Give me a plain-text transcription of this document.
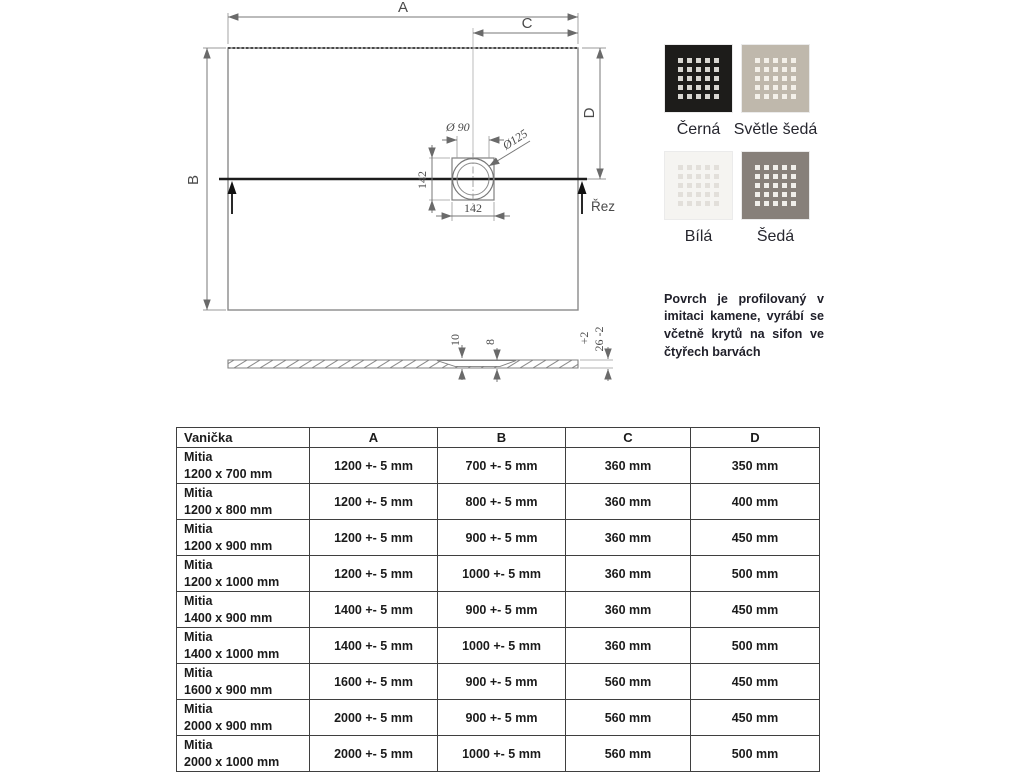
A
C
B
D
Řez
Ø 90	Ø125
142
142
10 8	+2 26 -2
Černá Světle šedá
Bílá	Šedá

Povrch je profilovaný v imitaci kamene, vyrábí se včetně krytů na sifon ve čtyřech barvách

Vanička	A	B	C	D

Mitia
1200 x 700 mm	1200 +- 5 mm	700 +- 5 mm	360 mm	350 mm

Mitia
1200 x 800 mm	1200 +- 5 mm	800 +- 5 mm	360 mm	400 mm

Mitia
1200 x 900 mm	1200 +- 5 mm	900 +- 5 mm	360 mm	450 mm

Mitia
1200 x 1000 mm	1200 +- 5 mm	1000 +- 5 mm	360 mm	500 mm

Mitia
1400 x 900 mm	1400 +- 5 mm	900 +- 5 mm	360 mm	450 mm

Mitia
1400 x 1000 mm	1400 +- 5 mm	1000 +- 5 mm	360 mm	500 mm

Mitia
1600 x 900 mm	1600 +- 5 mm	900 +- 5 mm	560 mm	450 mm

Mitia
2000 x 900 mm	2000 +- 5 mm	900 +- 5 mm	560 mm	450 mm

Mitia
2000 x 1000 mm	2000 +- 5 mm	1000 +- 5 mm	560 mm	500 mm
